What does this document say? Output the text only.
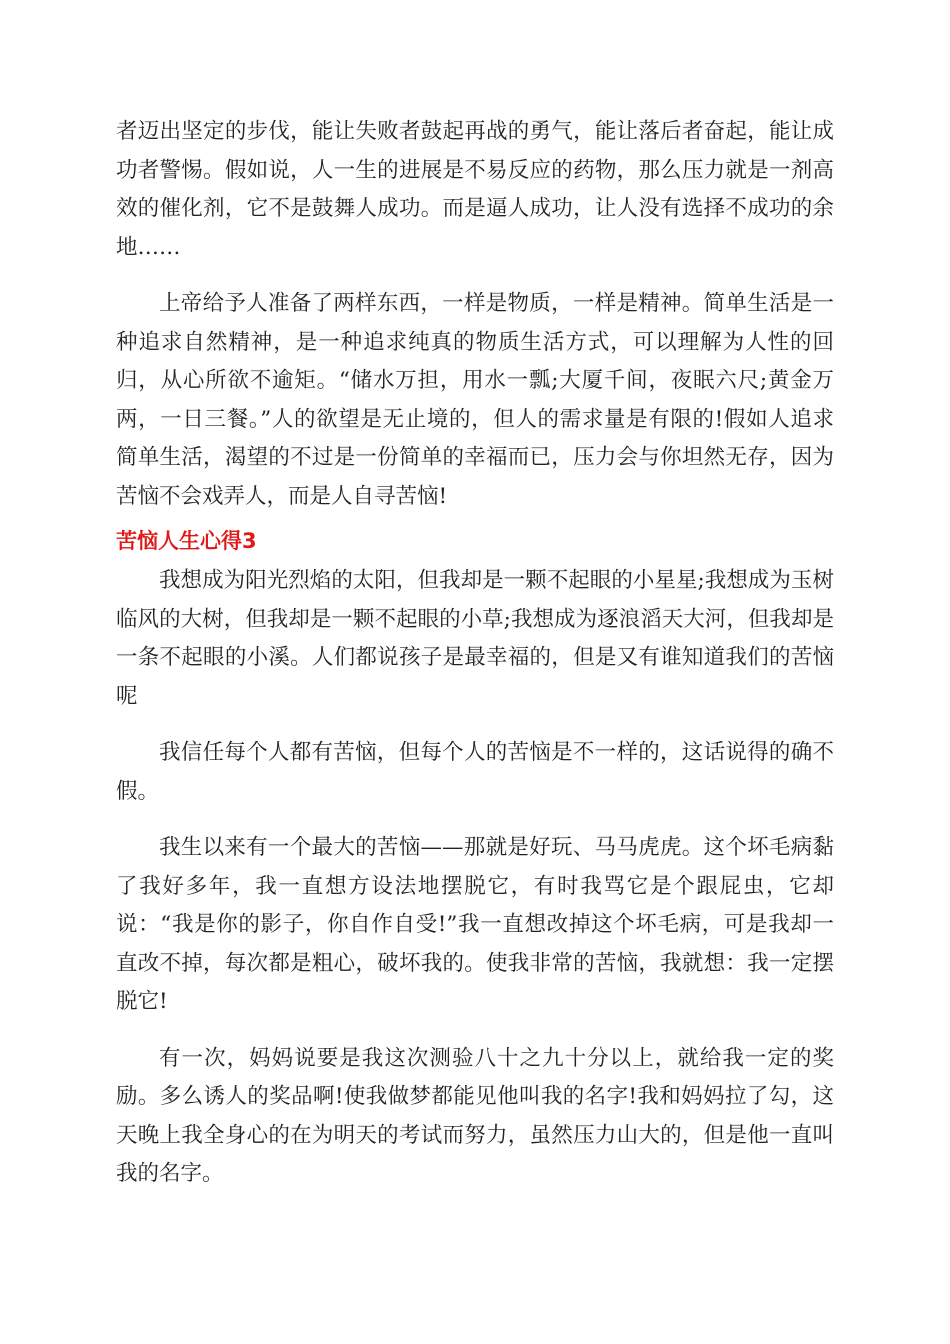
者迈出坚定的步伐，能让失败者鼓起再战的勇气，能让落后者奋起，能让成功者警惕。假如说，人一生的进展是不易反应的药物，那么压力就是一剂高效的催化剂，它不是鼓舞人成功。而是逼人成功，让人没有选择不成功的余地……

上帝给予人准备了两样东西，一样是物质，一样是精神。简单生活是一种追求自然精神，是一种追求纯真的物质生活方式，可以理解为人性的回归，从心所欲不逾矩。“储水万担，用水一瓢;大厦千间，夜眠六尺;黄金万两，一日三餐。”人的欲望是无止境的，但人的需求量是有限的!假如人追求简单生活，渴望的不过是一份简单的幸福而已，压力会与你坦然无存，因为苦恼不会戏弄人，而是人自寻苦恼!

苦恼人生心得3

我想成为阳光烈焰的太阳，但我却是一颗不起眼的小星星;我想成为玉树临风的大树，但我却是一颗不起眼的小草;我想成为逐浪滔天大河，但我却是一条不起眼的小溪。人们都说孩子是最幸福的，但是又有谁知道我们的苦恼呢

我信任每个人都有苦恼，但每个人的苦恼是不一样的，这话说得的确不假。

我生以来有一个最大的苦恼——那就是好玩、马马虎虎。这个坏毛病黏了我好多年，我一直想方设法地摆脱它，有时我骂它是个跟屁虫，它却说：“我是你的影子，你自作自受!”我一直想改掉这个坏毛病，可是我却一直改不掉，每次都是粗心，破坏我的。使我非常的苦恼，我就想：我一定摆脱它!

有一次，妈妈说要是我这次测验八十之九十分以上，就给我一定的奖励。多么诱人的奖品啊!使我做梦都能见他叫我的名字!我和妈妈拉了勾，这天晚上我全身心的在为明天的考试而努力，虽然压力山大的，但是他一直叫我的名字。
